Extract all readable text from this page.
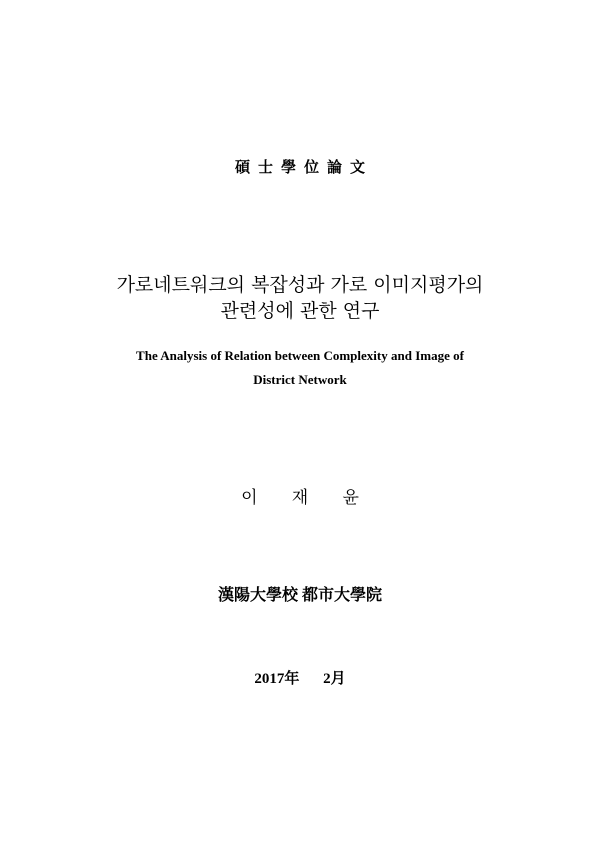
碩士學位論文
가로네트워크의 복잡성과 가로 이미지평가의
관련성에 관한 연구
The Analysis of Relation between Complexity and Image of
District Network
이 재 윤
漢陽大學校 都市大學院
2017年 2月
